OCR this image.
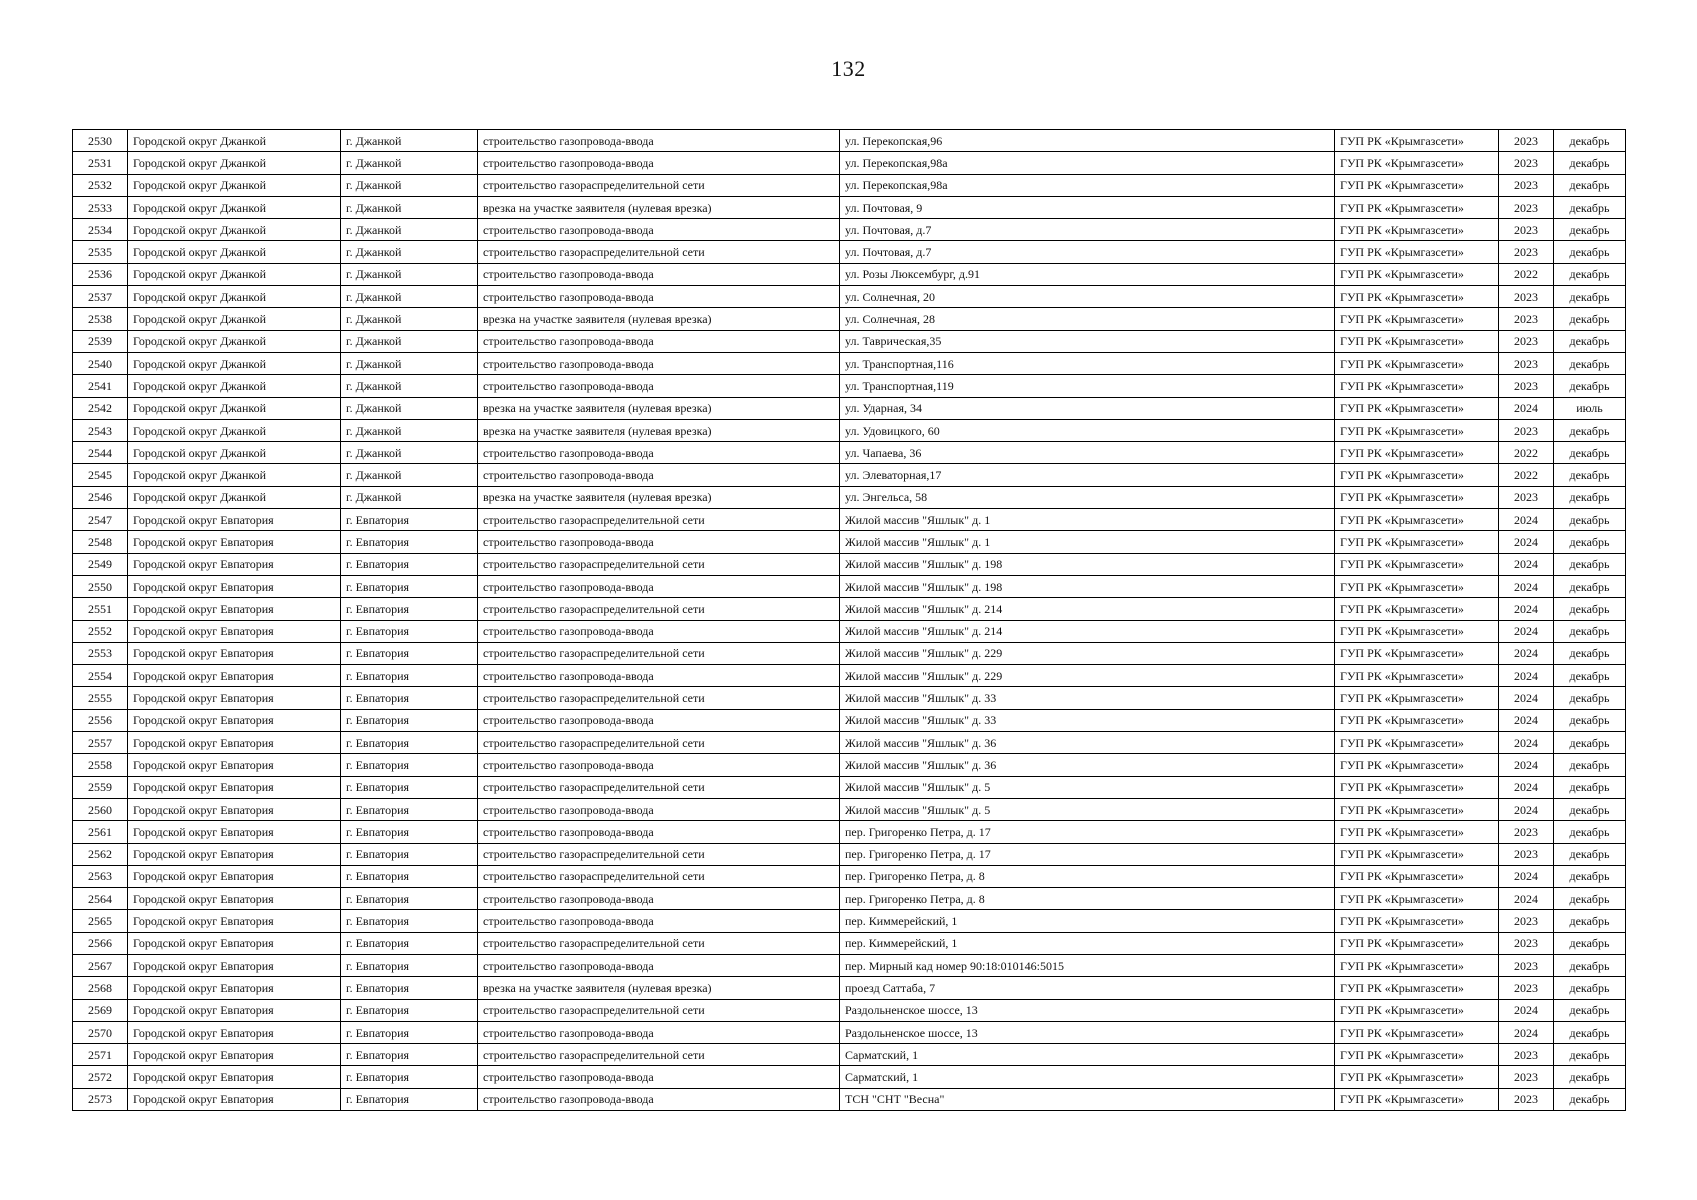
132
2530	Городской округ Джанкой	г. Джанкой	строительство газопровода-ввода	ул. Перекопская,96	ГУП РК «Крымгазсети»	2023	декабрь
2531	Городской округ Джанкой	г. Джанкой	строительство газопровода-ввода	ул. Перекопская,98а	ГУП РК «Крымгазсети»	2023	декабрь
2532	Городской округ Джанкой	г. Джанкой	строительство газораспределительной сети	ул. Перекопская,98а	ГУП РК «Крымгазсети»	2023	декабрь
2533	Городской округ Джанкой	г. Джанкой	врезка на участке заявителя (нулевая врезка)	ул. Почтовая, 9	ГУП РК «Крымгазсети»	2023	декабрь
2534	Городской округ Джанкой	г. Джанкой	строительство газопровода-ввода	ул. Почтовая, д.7	ГУП РК «Крымгазсети»	2023	декабрь
2535	Городской округ Джанкой	г. Джанкой	строительство газораспределительной сети	ул. Почтовая, д.7	ГУП РК «Крымгазсети»	2023	декабрь
2536	Городской округ Джанкой	г. Джанкой	строительство газопровода-ввода	ул. Розы Люксембург, д.91	ГУП РК «Крымгазсети»	2022	декабрь
2537	Городской округ Джанкой	г. Джанкой	строительство газопровода-ввода	ул. Солнечная, 20	ГУП РК «Крымгазсети»	2023	декабрь
2538	Городской округ Джанкой	г. Джанкой	врезка на участке заявителя (нулевая врезка)	ул. Солнечная, 28	ГУП РК «Крымгазсети»	2023	декабрь
2539	Городской округ Джанкой	г. Джанкой	строительство газопровода-ввода	ул. Таврическая,35	ГУП РК «Крымгазсети»	2023	декабрь
2540	Городской округ Джанкой	г. Джанкой	строительство газопровода-ввода	ул. Транспортная,116	ГУП РК «Крымгазсети»	2023	декабрь
2541	Городской округ Джанкой	г. Джанкой	строительство газопровода-ввода	ул. Транспортная,119	ГУП РК «Крымгазсети»	2023	декабрь
2542	Городской округ Джанкой	г. Джанкой	врезка на участке заявителя (нулевая врезка)	ул. Ударная, 34	ГУП РК «Крымгазсети»	2024	июль
2543	Городской округ Джанкой	г. Джанкой	врезка на участке заявителя (нулевая врезка)	ул. Удовицкого, 60	ГУП РК «Крымгазсети»	2023	декабрь
2544	Городской округ Джанкой	г. Джанкой	строительство газопровода-ввода	ул. Чапаева, 36	ГУП РК «Крымгазсети»	2022	декабрь
2545	Городской округ Джанкой	г. Джанкой	строительство газопровода-ввода	ул. Элеваторная,17	ГУП РК «Крымгазсети»	2022	декабрь
2546	Городской округ Джанкой	г. Джанкой	врезка на участке заявителя (нулевая врезка)	ул. Энгельса, 58	ГУП РК «Крымгазсети»	2023	декабрь
2547	Городской округ Евпатория	г. Евпатория	строительство газораспределительной сети	Жилой массив "Яшлык" д. 1	ГУП РК «Крымгазсети»	2024	декабрь
2548	Городской округ Евпатория	г. Евпатория	строительство газопровода-ввода	Жилой массив "Яшлык" д. 1	ГУП РК «Крымгазсети»	2024	декабрь
2549	Городской округ Евпатория	г. Евпатория	строительство газораспределительной сети	Жилой массив "Яшлык" д. 198	ГУП РК «Крымгазсети»	2024	декабрь
2550	Городской округ Евпатория	г. Евпатория	строительство газопровода-ввода	Жилой массив "Яшлык" д. 198	ГУП РК «Крымгазсети»	2024	декабрь
2551	Городской округ Евпатория	г. Евпатория	строительство газораспределительной сети	Жилой массив "Яшлык" д. 214	ГУП РК «Крымгазсети»	2024	декабрь
2552	Городской округ Евпатория	г. Евпатория	строительство газопровода-ввода	Жилой массив "Яшлык" д. 214	ГУП РК «Крымгазсети»	2024	декабрь
2553	Городской округ Евпатория	г. Евпатория	строительство газораспределительной сети	Жилой массив "Яшлык" д. 229	ГУП РК «Крымгазсети»	2024	декабрь
2554	Городской округ Евпатория	г. Евпатория	строительство газопровода-ввода	Жилой массив "Яшлык" д. 229	ГУП РК «Крымгазсети»	2024	декабрь
2555	Городской округ Евпатория	г. Евпатория	строительство газораспределительной сети	Жилой массив "Яшлык" д. 33	ГУП РК «Крымгазсети»	2024	декабрь
2556	Городской округ Евпатория	г. Евпатория	строительство газопровода-ввода	Жилой массив "Яшлык" д. 33	ГУП РК «Крымгазсети»	2024	декабрь
2557	Городской округ Евпатория	г. Евпатория	строительство газораспределительной сети	Жилой массив "Яшлык" д. 36	ГУП РК «Крымгазсети»	2024	декабрь
2558	Городской округ Евпатория	г. Евпатория	строительство газопровода-ввода	Жилой массив "Яшлык" д. 36	ГУП РК «Крымгазсети»	2024	декабрь
2559	Городской округ Евпатория	г. Евпатория	строительство газораспределительной сети	Жилой массив "Яшлык" д. 5	ГУП РК «Крымгазсети»	2024	декабрь
2560	Городской округ Евпатория	г. Евпатория	строительство газопровода-ввода	Жилой массив "Яшлык" д. 5	ГУП РК «Крымгазсети»	2024	декабрь
2561	Городской округ Евпатория	г. Евпатория	строительство газопровода-ввода	пер. Григоренко Петра, д. 17	ГУП РК «Крымгазсети»	2023	декабрь
2562	Городской округ Евпатория	г. Евпатория	строительство газораспределительной сети	пер. Григоренко Петра, д. 17	ГУП РК «Крымгазсети»	2023	декабрь
2563	Городской округ Евпатория	г. Евпатория	строительство газораспределительной сети	пер. Григоренко Петра, д. 8	ГУП РК «Крымгазсети»	2024	декабрь
2564	Городской округ Евпатория	г. Евпатория	строительство газопровода-ввода	пер. Григоренко Петра, д. 8	ГУП РК «Крымгазсети»	2024	декабрь
2565	Городской округ Евпатория	г. Евпатория	строительство газопровода-ввода	пер. Киммерейский, 1	ГУП РК «Крымгазсети»	2023	декабрь
2566	Городской округ Евпатория	г. Евпатория	строительство газораспределительной сети	пер. Киммерейский, 1	ГУП РК «Крымгазсети»	2023	декабрь
2567	Городской округ Евпатория	г. Евпатория	строительство газопровода-ввода	пер. Мирный кад номер 90:18:010146:5015	ГУП РК «Крымгазсети»	2023	декабрь
2568	Городской округ Евпатория	г. Евпатория	врезка на участке заявителя (нулевая врезка)	проезд Саттаба, 7	ГУП РК «Крымгазсети»	2023	декабрь
2569	Городской округ Евпатория	г. Евпатория	строительство газораспределительной сети	Раздольненское шоссе, 13	ГУП РК «Крымгазсети»	2024	декабрь
2570	Городской округ Евпатория	г. Евпатория	строительство газопровода-ввода	Раздольненское шоссе, 13	ГУП РК «Крымгазсети»	2024	декабрь
2571	Городской округ Евпатория	г. Евпатория	строительство газораспределительной сети	Сарматский, 1	ГУП РК «Крымгазсети»	2023	декабрь
2572	Городской округ Евпатория	г. Евпатория	строительство газопровода-ввода	Сарматский, 1	ГУП РК «Крымгазсети»	2023	декабрь
2573	Городской округ Евпатория	г. Евпатория	строительство газопровода-ввода	ТСН "СНТ "Весна"	ГУП РК «Крымгазсети»	2023	декабрь
